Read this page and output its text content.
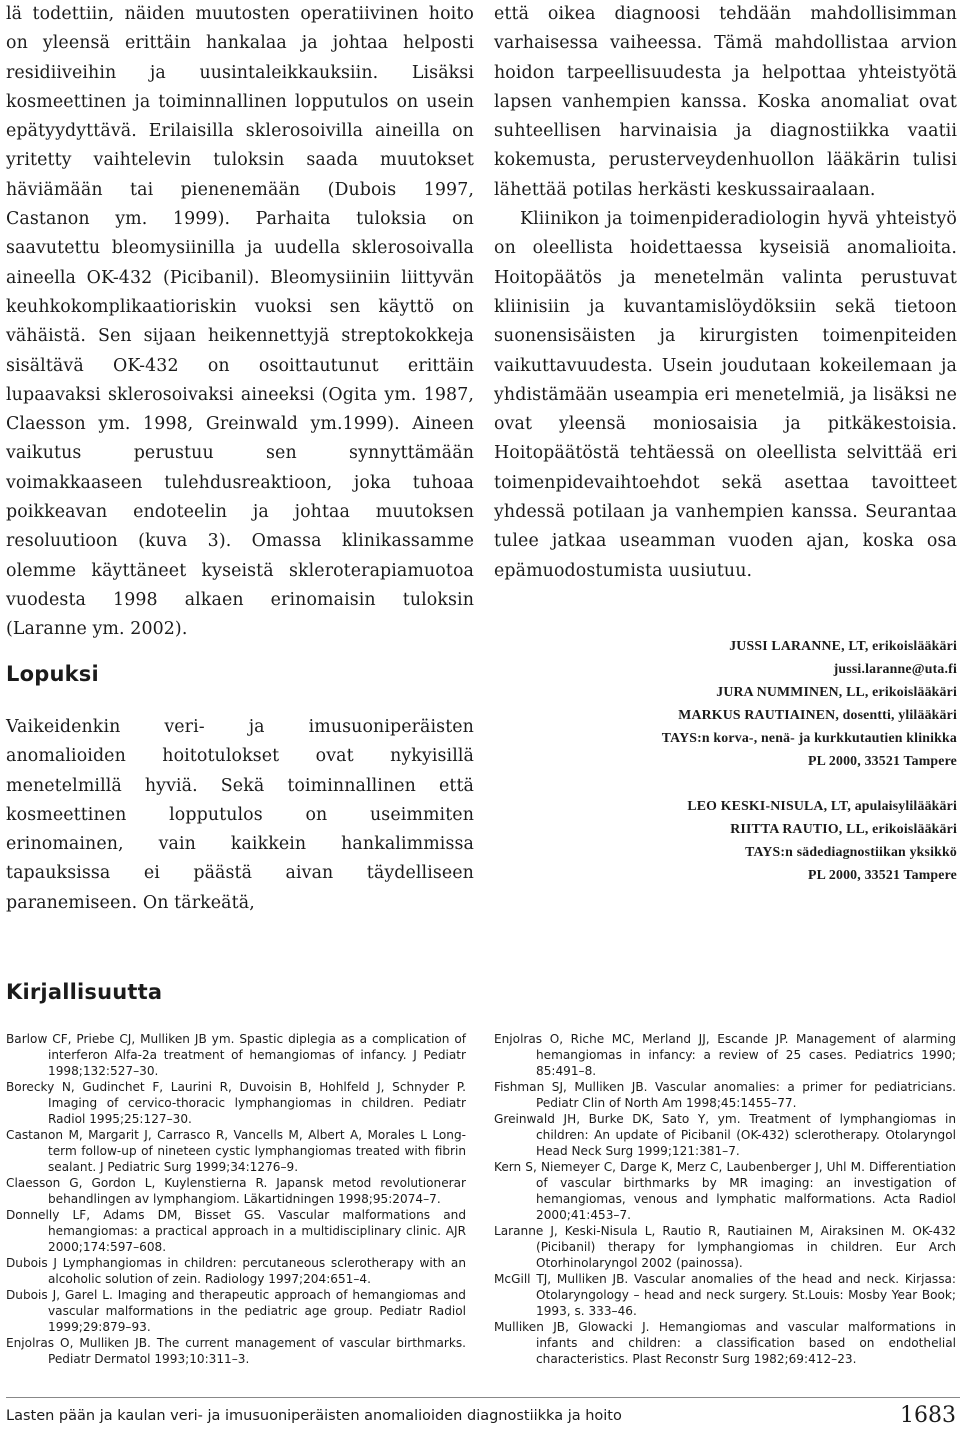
lä todettiin, näiden muutosten operatiivinen hoito on yleensä erittäin hankalaa ja johtaa helposti residiiveihin ja uusintaleikkauksiin. Lisäksi kosmeettinen ja toiminnallinen lopputulos on usein epätyydyttävä. Erilaisilla sklerosoivilla aineilla on yritetty vaihtelevin tuloksin saada muutokset häviämään tai pienenemään (Dubois 1997, Castanon ym. 1999). Parhaita tuloksia on saavutettu bleomysiinilla ja uudella sklerosoivalla aineella OK-432 (Picibanil). Bleomysiiniin liittyvän keuhkokomplikaatioriskin vuoksi sen käyttö on vähäistä. Sen sijaan heikennettyjä streptokokkeja sisältävä OK-432 on osoittautunut erittäin lupaavaksi sklerosoivaksi aineeksi (Ogita ym. 1987, Claesson ym. 1998, Greinwald ym.1999). Aineen vaikutus perustuu sen synnyttämään voimakkaaseen tulehdusreaktioon, joka tuhoaa poikkeavan endoteelin ja johtaa muutoksen resoluutioon (kuva 3). Omassa klinikassamme olemme käyttäneet kyseistä skleroterapiamuotoa vuodesta 1998 alkaen erinomaisin tuloksin (Laranne ym. 2002).

Lopuksi

Vaikeidenkin veri- ja imusuoniperäisten anomalioiden hoitotulokset ovat nykyisillä menetelmillä hyviä. Sekä toiminnallinen että kosmeettinen lopputulos on useimmiten erinomainen, vain kaikkein hankalimmissa tapauksissa ei päästä aivan täydelliseen paranemiseen. On tärkeätä,

että oikea diagnoosi tehdään mahdollisimman varhaisessa vaiheessa. Tämä mahdollistaa arvion hoidon tarpeellisuudesta ja helpottaa yhteistyötä lapsen vanhempien kanssa. Koska anomaliat ovat suhteellisen harvinaisia ja diagnostiikka vaatii kokemusta, perusterveydenhuollon lääkärin tulisi lähettää potilas herkästi keskussairaalaan.

Kliinikon ja toimenpideradiologin hyvä yhteistyö on oleellista hoidettaessa kyseisiä anomalioita. Hoitopäätös ja menetelmän valinta perustuvat kliinisiin ja kuvantamislöydöksiin sekä tietoon suonensisäisten ja kirurgisten toimenpiteiden vaikuttavuudesta. Usein joudutaan kokeilemaan ja yhdistämään useampia eri menetelmiä, ja lisäksi ne ovat yleensä moniosaisia ja pitkäkestoisia. Hoitopäätöstä tehtäessä on oleellista selvittää eri toimenpidevaihtoehdot sekä asettaa tavoitteet yhdessä potilaan ja vanhempien kanssa. Seurantaa tulee jatkaa useamman vuoden ajan, koska osa epämuodostumista uusiutuu.

JUSSI LARANNE, LT, erikoislääkäri
jussi.laranne@uta.fi
JURA NUMMINEN, LL, erikoislääkäri
MARKUS RAUTIAINEN, dosentti, ylilääkäri
TAYS:n korva-, nenä- ja kurkkutautien klinikka
PL 2000, 33521 Tampere
LEO KESKI-NISULA, LT, apulaisylilääkäri
RIITTA RAUTIO, LL, erikoislääkäri
TAYS:n sädediagnostiikan yksikkö
PL 2000, 33521 Tampere
Kirjallisuutta

Barlow CF, Priebe CJ, Mulliken JB ym. Spastic diplegia as a complication of interferon Alfa-2a treatment of hemangiomas of infancy. J Pediatr 1998;132:527–30.

Borecky N, Gudinchet F, Laurini R, Duvoisin B, Hohlfeld J, Schnyder P. Imaging of cervico-thoracic lymphangiomas in children. Pediatr Radiol 1995;25:127–30.

Castanon M, Margarit J, Carrasco R, Vancells M, Albert A, Morales L Long-term follow-up of nineteen cystic lymphangiomas treated with fibrin sealant. J Pediatric Surg 1999;34:1276–9.

Claesson G, Gordon L, Kuylenstierna R. Japansk metod revolutionerar behandlingen av lymphangiom. Läkartidningen 1998;95:2074–7.

Donnelly LF, Adams DM, Bisset GS. Vascular malformations and hemangiomas: a practical approach in a multidisciplinary clinic. AJR 2000;174:597–608.

Dubois J Lymphangiomas in children: percutaneous sclerotherapy with an alcoholic solution of zein. Radiology 1997;204:651–4.

Dubois J, Garel L. Imaging and therapeutic approach of hemangiomas and vascular malformations in the pediatric age group. Pediatr Radiol 1999;29:879–93.

Enjolras O, Mulliken JB. The current management of vascular birthmarks. Pediatr Dermatol 1993;10:311–3.

Enjolras O, Riche MC, Merland JJ, Escande JP. Management of alarming hemangiomas in infancy: a review of 25 cases. Pediatrics 1990; 85:491–8.

Fishman SJ, Mulliken JB. Vascular anomalies: a primer for pediatricians. Pediatr Clin of North Am 1998;45:1455–77.

Greinwald JH, Burke DK, Sato Y, ym. Treatment of lymphangiomas in children: An update of Picibanil (OK-432) sclerotherapy. Otolaryngol Head Neck Surg 1999;121:381–7.

Kern S, Niemeyer C, Darge K, Merz C, Laubenberger J, Uhl M. Differentiation of vascular birthmarks by MR imaging: an investigation of hemangiomas, venous and lymphatic malformations. Acta Radiol 2000;41:453–7.

Laranne J, Keski-Nisula L, Rautio R, Rautiainen M, Airaksinen M. OK-432 (Picibanil) therapy for lymphangiomas in children. Eur Arch Otorhinolaryngol 2002 (painossa).

McGill TJ, Mulliken JB. Vascular anomalies of the head and neck. Kirjassa: Otolaryngology – head and neck surgery. St.Louis: Mosby Year Book; 1993, s. 333–46.

Mulliken JB, Glowacki J. Hemangiomas and vascular malformations in infants and children: a classification based on endothelial characteristics. Plast Reconstr Surg 1982;69:412–23.

Lasten pään ja kaulan veri- ja imusuoniperäisten anomalioiden diagnostiikka ja hoito	1683
